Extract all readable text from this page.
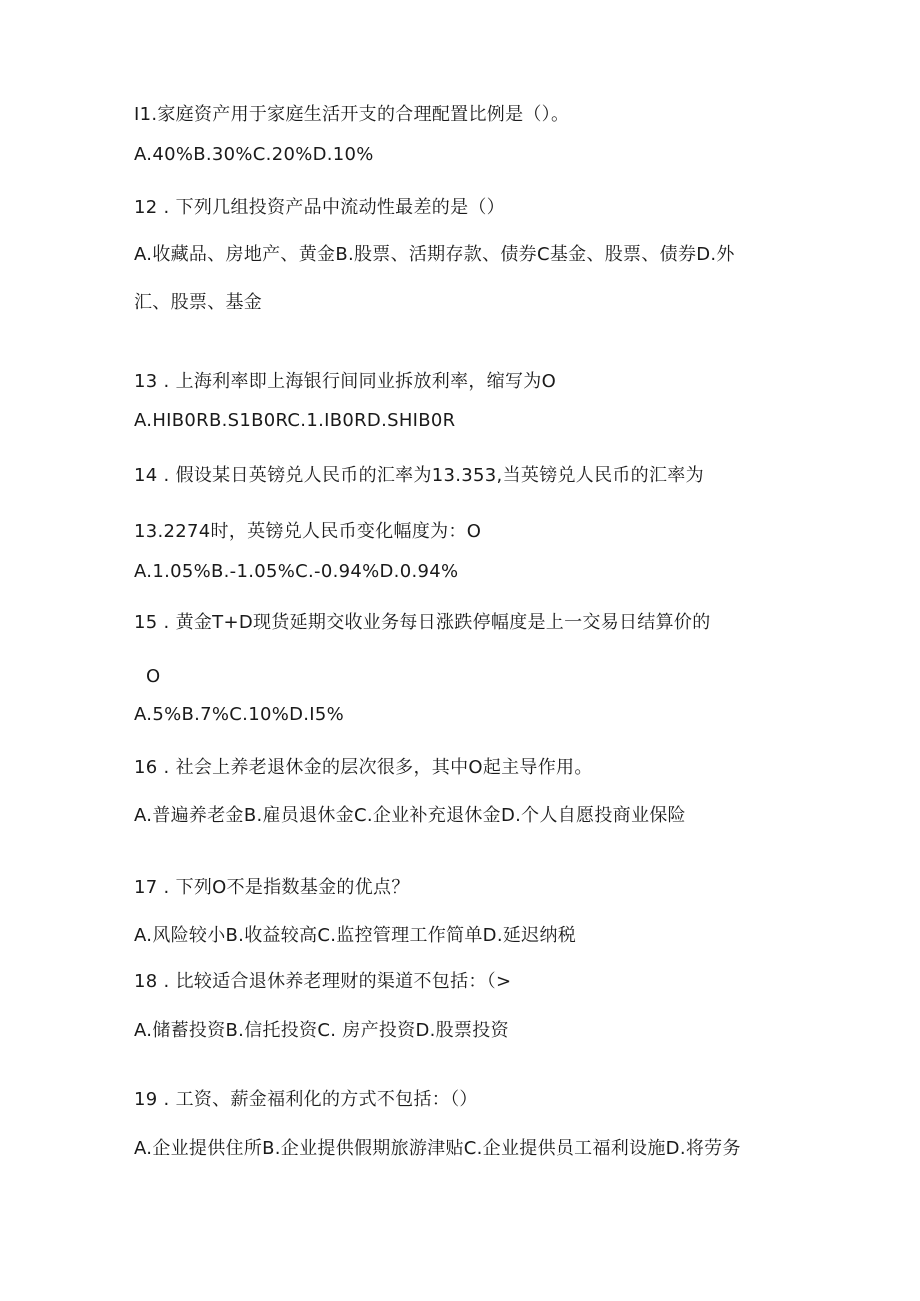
I1.家庭资产用于家庭生活开支的合理配置比例是（）。
A.40%B.30%C.20%D.10%
12 . 下列几组投资产品中流动性最差的是（）
A.收藏品、房地产、黄金B.股票、活期存款、债券C基金、股票、债券D.外
汇、股票、基金
13 . 上海利率即上海银行间同业拆放利率，缩写为O
A.HIB0RB.S1B0RC.1.IB0RD.SHIB0R
14 . 假设某日英镑兑人民币的汇率为13.353,当英镑兑人民币的汇率为
13.2274时，英镑兑人民币变化幅度为：O
A.1.05%B.-1.05%C.-0.94%D.0.94%
15 . 黄金T+D现货延期交收业务每日涨跌停幅度是上一交易日结算价的
O
A.5%B.7%C.10%D.I5%
16 . 社会上养老退休金的层次很多，其中O起主导作用。
A.普遍养老金B.雇员退休金C.企业补充退休金D.个人自愿投商业保险
17 . 下列O不是指数基金的优点？
A.风险较小B.收益较高C.监控管理工作简单D.延迟纳税
18 . 比较适合退休养老理财的渠道不包括：（>
A.储蓄投资B.信托投资C. 房产投资D.股票投资
19 . 工资、薪金福利化的方式不包括：（）
A.企业提供住所B.企业提供假期旅游津贴C.企业提供员工福利设施D.将劳务
